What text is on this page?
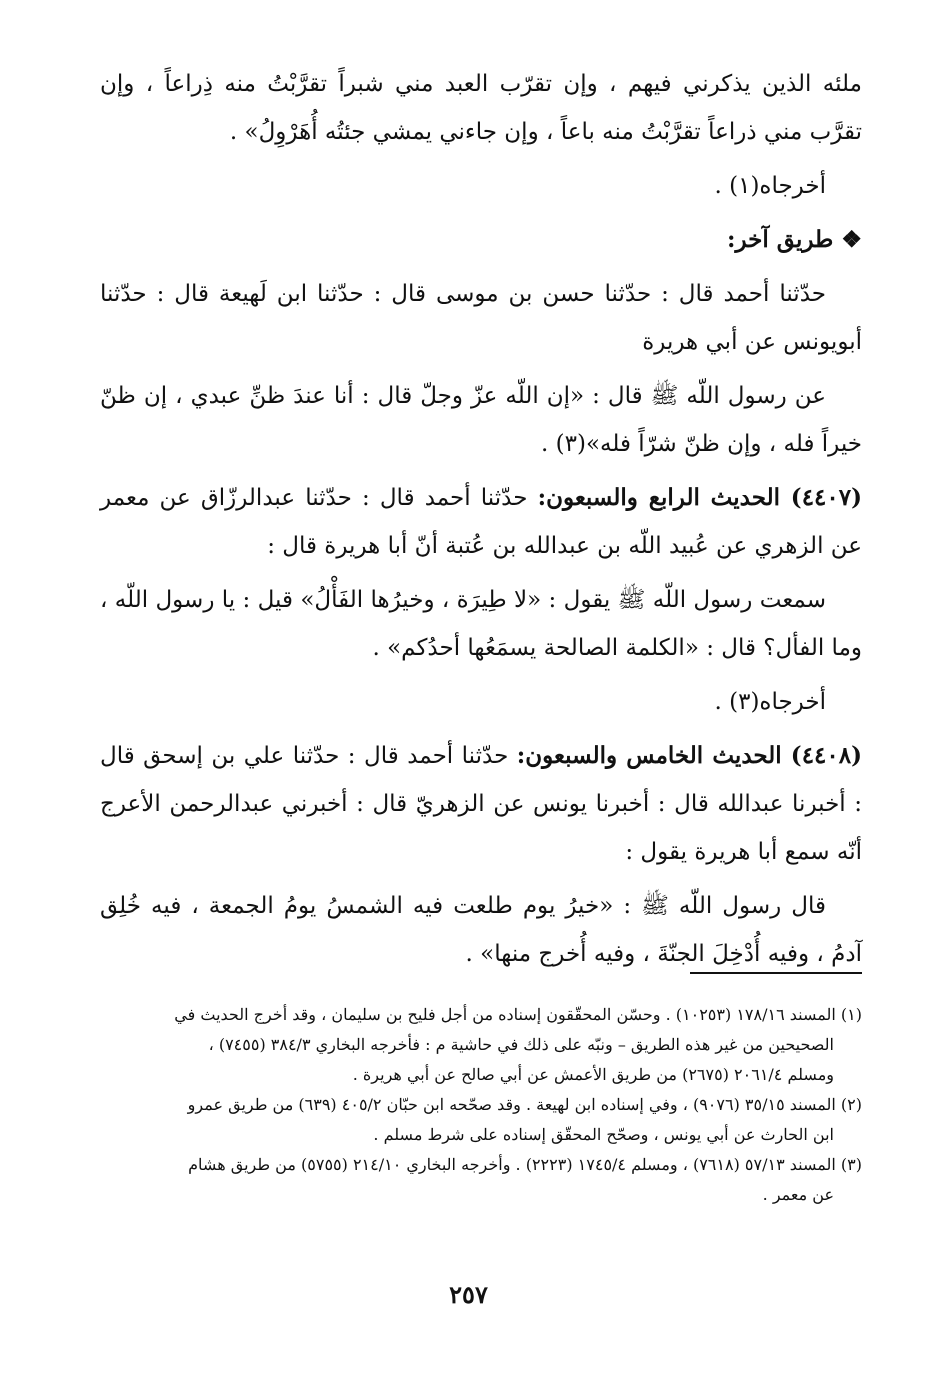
ملئه الذين يذكرني فيهم ، وإن تقرّب العبد مني شبراً تقرَّبْتُ منه ذِراعاً ، وإن تقرَّب مني ذراعاً تقرَّبْتُ منه باعاً ، وإن جاءني يمشي جئتُه أُهَرْوِلُ» .

أخرجاه(١) .

❖ طريق آخر:

حدّثنا أحمد قال : حدّثنا حسن بن موسى قال : حدّثنا ابن لَهيعة قال : حدّثنا أبويونس عن أبي هريرة

عن رسول اللّه ﷺ قال : «إن اللّه عزّ وجلّ قال : أنا عندَ ظنِّ عبدي ، إن ظنّ خيراً فله ، وإن ظنّ شرّاً فله»(٣) .

(٤٤٠٧) الحديث الرابع والسبعون: حدّثنا أحمد قال : حدّثنا عبدالرزّاق عن معمر عن الزهري عن عُبيد اللّه بن عبدالله بن عُتبة أنّ أبا هريرة قال :

سمعت رسول اللّه ﷺ يقول : «لا طِيرَة ، وخيرُها الفَأْلُ» قيل : يا رسول اللّه ، وما الفأل؟ قال : «الكلمة الصالحة يسمَعُها أحدُكم» .

أخرجاه(٣) .

(٤٤٠٨) الحديث الخامس والسبعون: حدّثنا أحمد قال : حدّثنا علي بن إسحق قال : أخبرنا عبدالله قال : أخبرنا يونس عن الزهريّ قال : أخبرني عبدالرحمن الأعرج أنّه سمع أبا هريرة يقول :

قال رسول اللّه ﷺ : «خيرُ يوم طلعت فيه الشمسُ يومُ الجمعة ، فيه خُلِق آدمُ ، وفيه أُدْخِلَ الجنّةَ ، وفيه أُخرج منها» .

(١) المسند ١٧٨/١٦ (١٠٢٥٣) . وحسّن المحقّقون إسناده من أجل فليح بن سليمان ، وقد أخرج الحديث في

الصحيحين من غير هذه الطريق – ونبّه على ذلك في حاشية م : فأخرجه البخاري ٣٨٤/٣ (٧٤٥٥) ،

ومسلم ٢٠٦١/٤ (٢٦٧٥) من طريق الأعمش عن أبي صالح عن أبي هريرة .

(٢) المسند ٣٥/١٥ (٩٠٧٦) ، وفي إسناده ابن لهيعة . وقد صحّحه ابن حبّان ٤٠٥/٢ (٦٣٩) من طريق عمرو

ابن الحارث عن أبي يونس ، وصحّح المحقّق إسناده على شرط مسلم .

(٣) المسند ٥٧/١٣ (٧٦١٨) ، ومسلم ١٧٤٥/٤ (٢٢٢٣) . وأخرجه البخاري ٢١٤/١٠ (٥٧٥٥) من طريق هشام

عن معمر .

٢٥٧
